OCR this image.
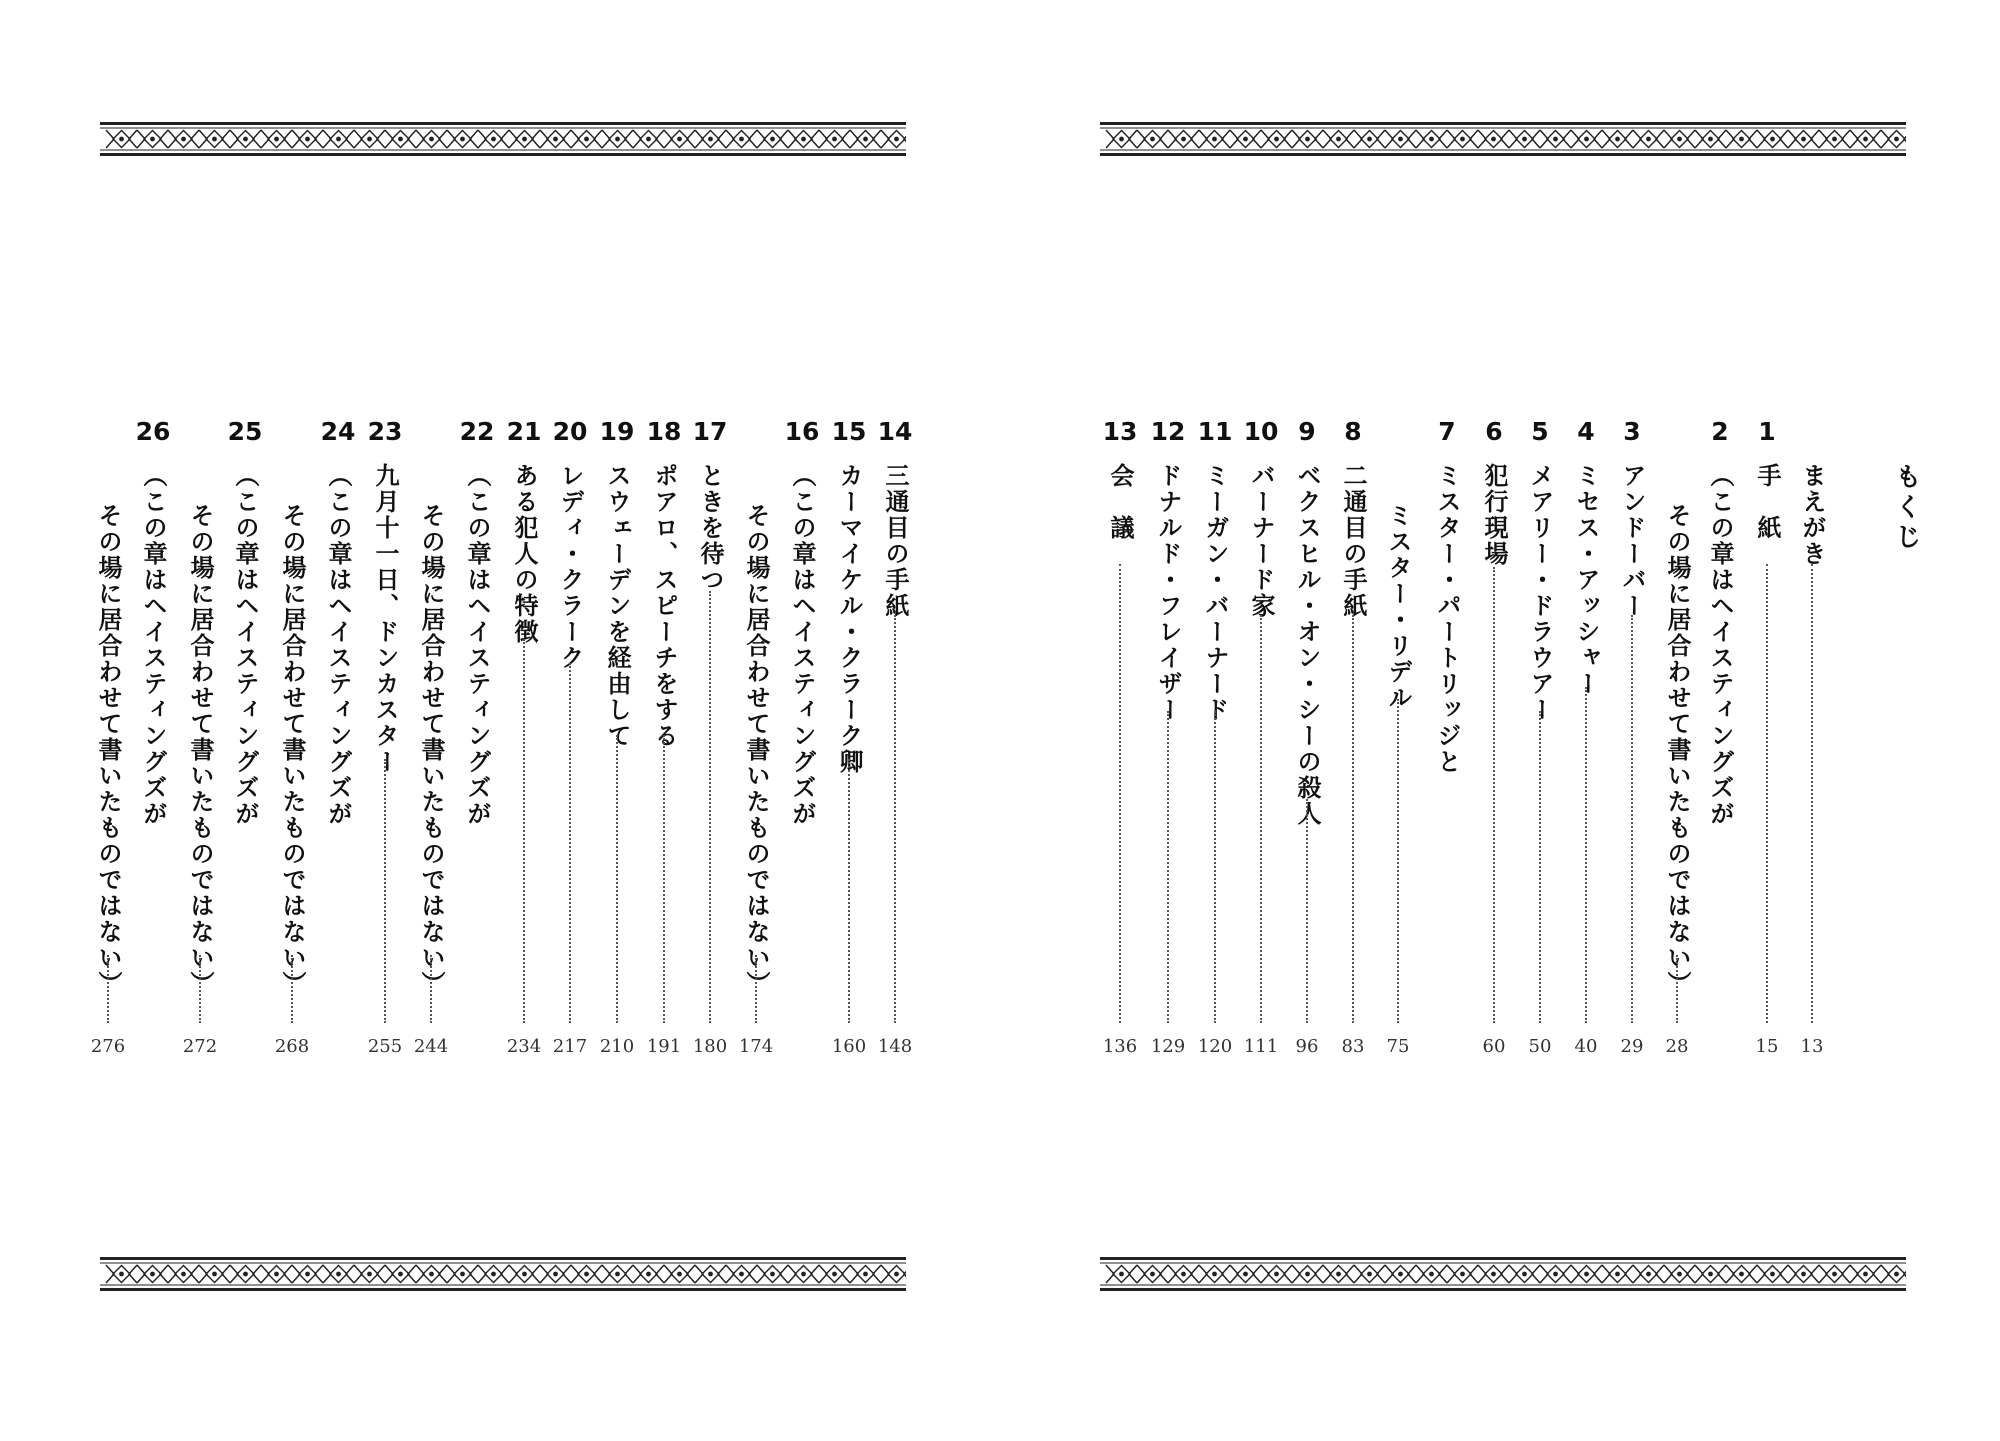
14
三通目の手紙
148
15
カーマイケル・クラーク卿
160
16
（この章はヘイスティングズが
その場に居合わせて書いたものではない）
174
17
ときを待つ
180
18
ポアロ、スピーチをする
191
19
スウェーデンを経由して
210
20
レディ・クラーク
217
21
ある犯人の特徴
234
22
（この章はヘイスティングズが
その場に居合わせて書いたものではない）
244
23
九月十一日、ドンカスター
255
24
（この章はヘイスティングズが
その場に居合わせて書いたものではない）
268
25
（この章はヘイスティングズが
その場に居合わせて書いたものではない）
272
26
（この章はヘイスティングズが
その場に居合わせて書いたものではない）
276
もくじ
まえがき
13
1
手　紙
15
2
（この章はヘイスティングズが
その場に居合わせて書いたものではない）
28
3
アンドーバー
29
4
ミセス・アッシャー
40
5
メアリー・ドラウアー
50
6
犯行現場
60
7
ミスター・パートリッジと
ミスター・リデル
75
8
二通目の手紙
83
9
ベクスヒル・オン・シーの殺人
96
10
バーナード家
111
11
ミーガン・バーナード
120
12
ドナルド・フレイザー
129
13
会　議
136
